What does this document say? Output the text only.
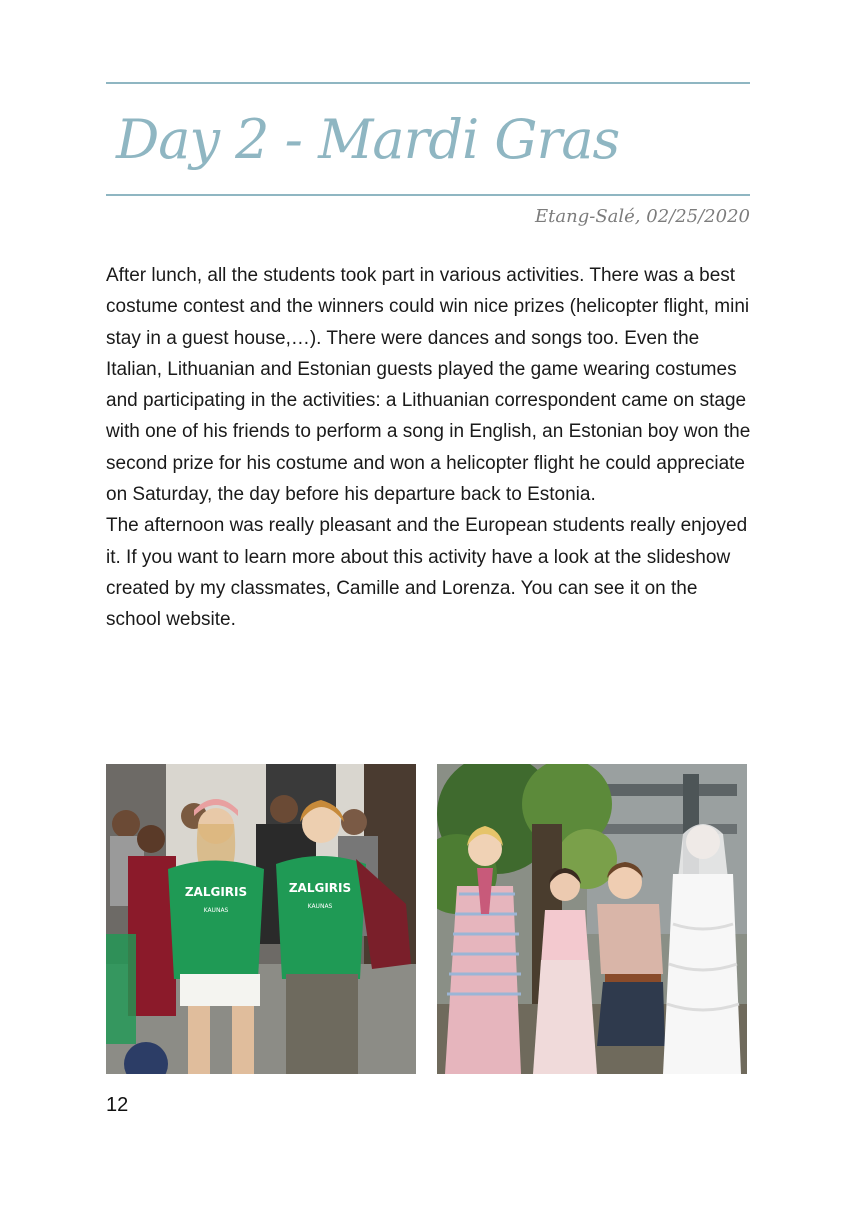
Day 2 - Mardi Gras
Etang-Salé, 02/25/2020

After lunch, all the students took part in various activities. There was a best costume contest and the winners could win nice prizes (helicopter flight, mini stay in a guest house,…). There were dances and songs too. Even the Italian, Lithuanian and Estonian guests played the game wearing costumes and participating in the activities: a Lithuanian correspondent came on stage with one of his friends to perform a song in English, an Estonian boy won the second prize for his costume and won a helicopter flight he could appreciate on Saturday, the day before his departure back to Estonia.

The afternoon was really pleasant and the European students really enjoyed it. If you want to learn more about this activity have a look at the slideshow created by my classmates, Camille and Lorenza. You can see it on the school website.

ZALGIRIS
KAUNAS
ZALGIRIS
KAUNAS
12
